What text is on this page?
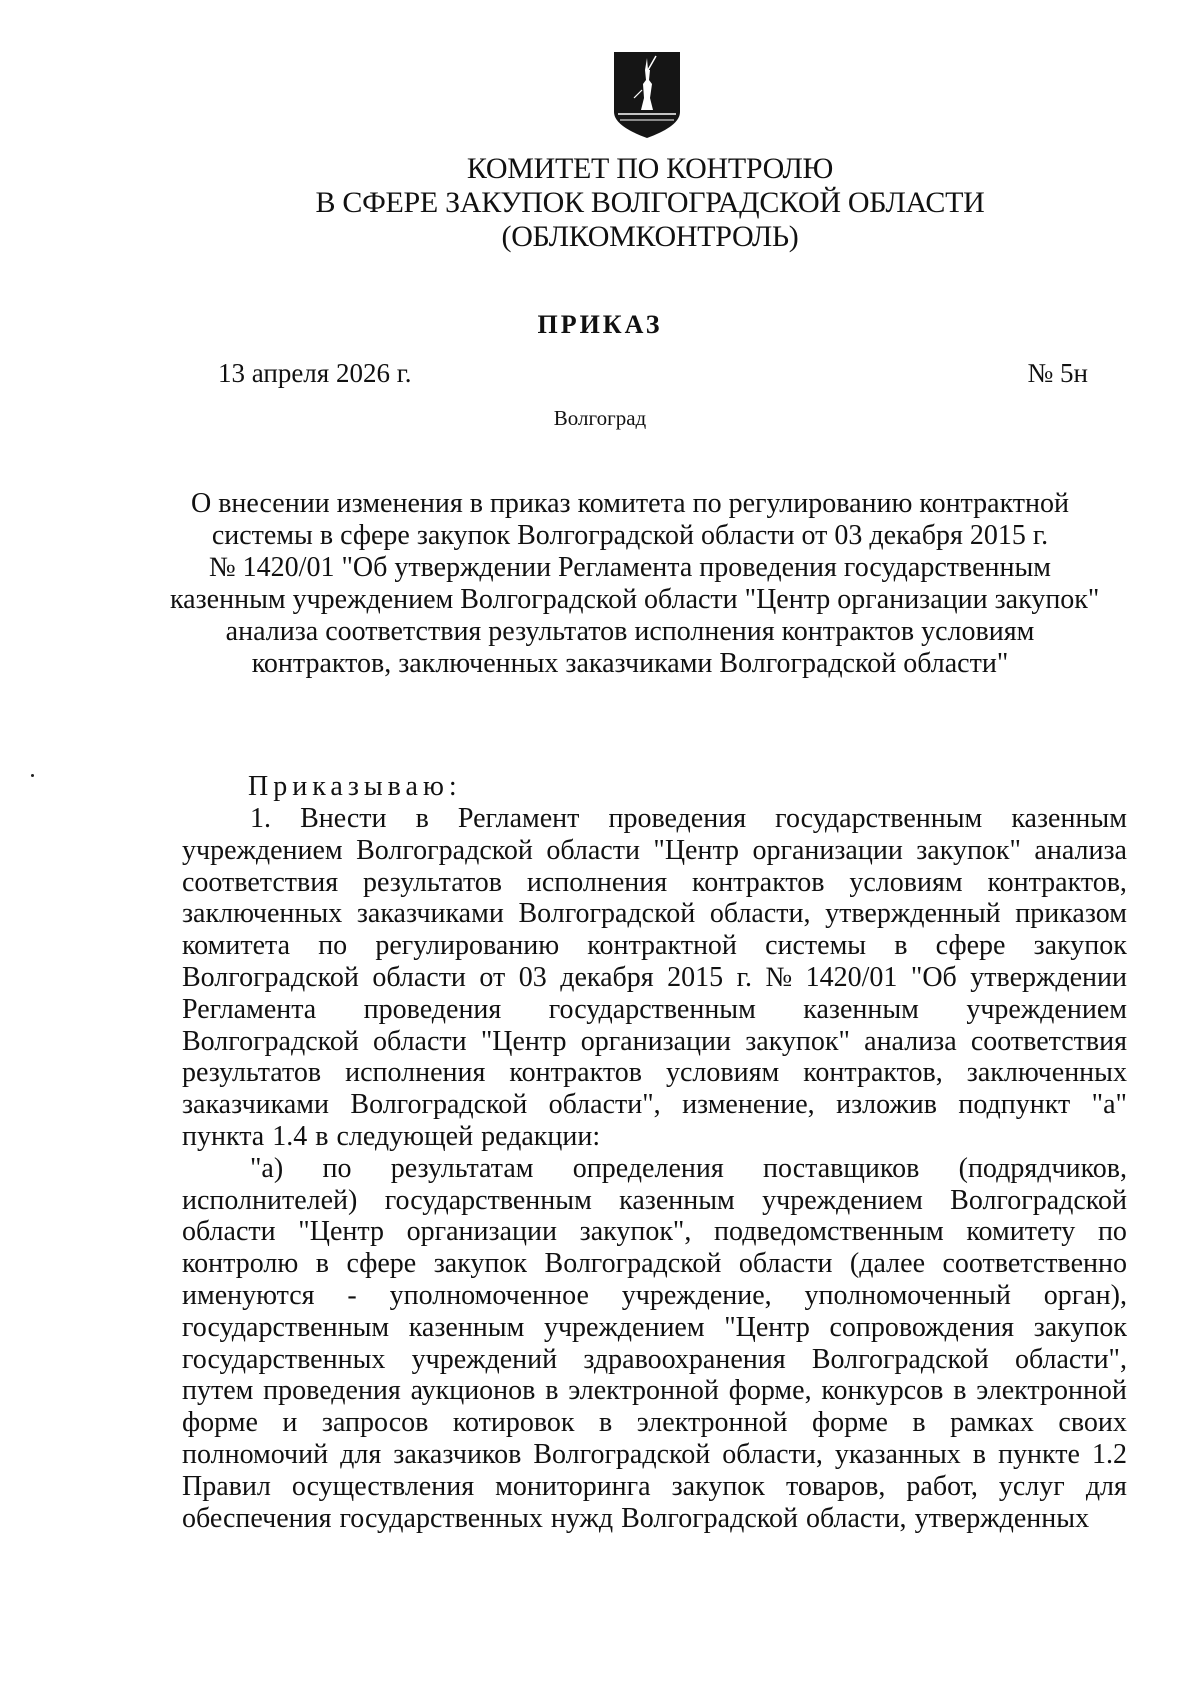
КОМИТЕТ ПО КОНТРОЛЮ
В СФЕРЕ ЗАКУПОК ВОЛГОГРАДСКОЙ ОБЛАСТИ
(ОБЛКОМКОНТРОЛЬ)
ПРИКАЗ
13 апреля 2026 г.	№ 5н
Волгоград
О внесении изменения в приказ комитета по регулированию контрактной
системы в сфере закупок Волгоградской области от 03 декабря 2015 г.
№ 1420/01 "Об утверждении Регламента проведения государственным
казенным учреждением Волгоградской области "Центр организации закупок"
анализа соответствия результатов исполнения контрактов условиям
контрактов, заключенных заказчиками Волгоградской области"
Приказываю:
1. Внести в Регламент проведения государственным казенным
учреждением Волгоградской области "Центр организации закупок" анализа
соответствия результатов исполнения контрактов условиям контрактов,
заключенных заказчиками Волгоградской области, утвержденный приказом
комитета по регулированию контрактной системы в сфере закупок
Волгоградской области от 03 декабря 2015 г. № 1420/01 "Об утверждении
Регламента проведения государственным казенным учреждением
Волгоградской области "Центр организации закупок" анализа соответствия
результатов исполнения контрактов условиям контрактов, заключенных
заказчиками Волгоградской области", изменение, изложив подпункт "а"
пункта 1.4 в следующей редакции:
"а) по результатам определения поставщиков (подрядчиков,
исполнителей) государственным казенным учреждением Волгоградской
области "Центр организации закупок", подведомственным комитету по
контролю в сфере закупок Волгоградской области (далее соответственно
именуются - уполномоченное учреждение, уполномоченный орган),
государственным казенным учреждением "Центр сопровождения закупок
государственных учреждений здравоохранения Волгоградской области",
путем проведения аукционов в электронной форме, конкурсов в электронной
форме и запросов котировок в электронной форме в рамках своих
полномочий для заказчиков Волгоградской области, указанных в пункте 1.2
Правил осуществления мониторинга закупок товаров, работ, услуг для
обеспечения государственных нужд Волгоградской области, утвержденных
